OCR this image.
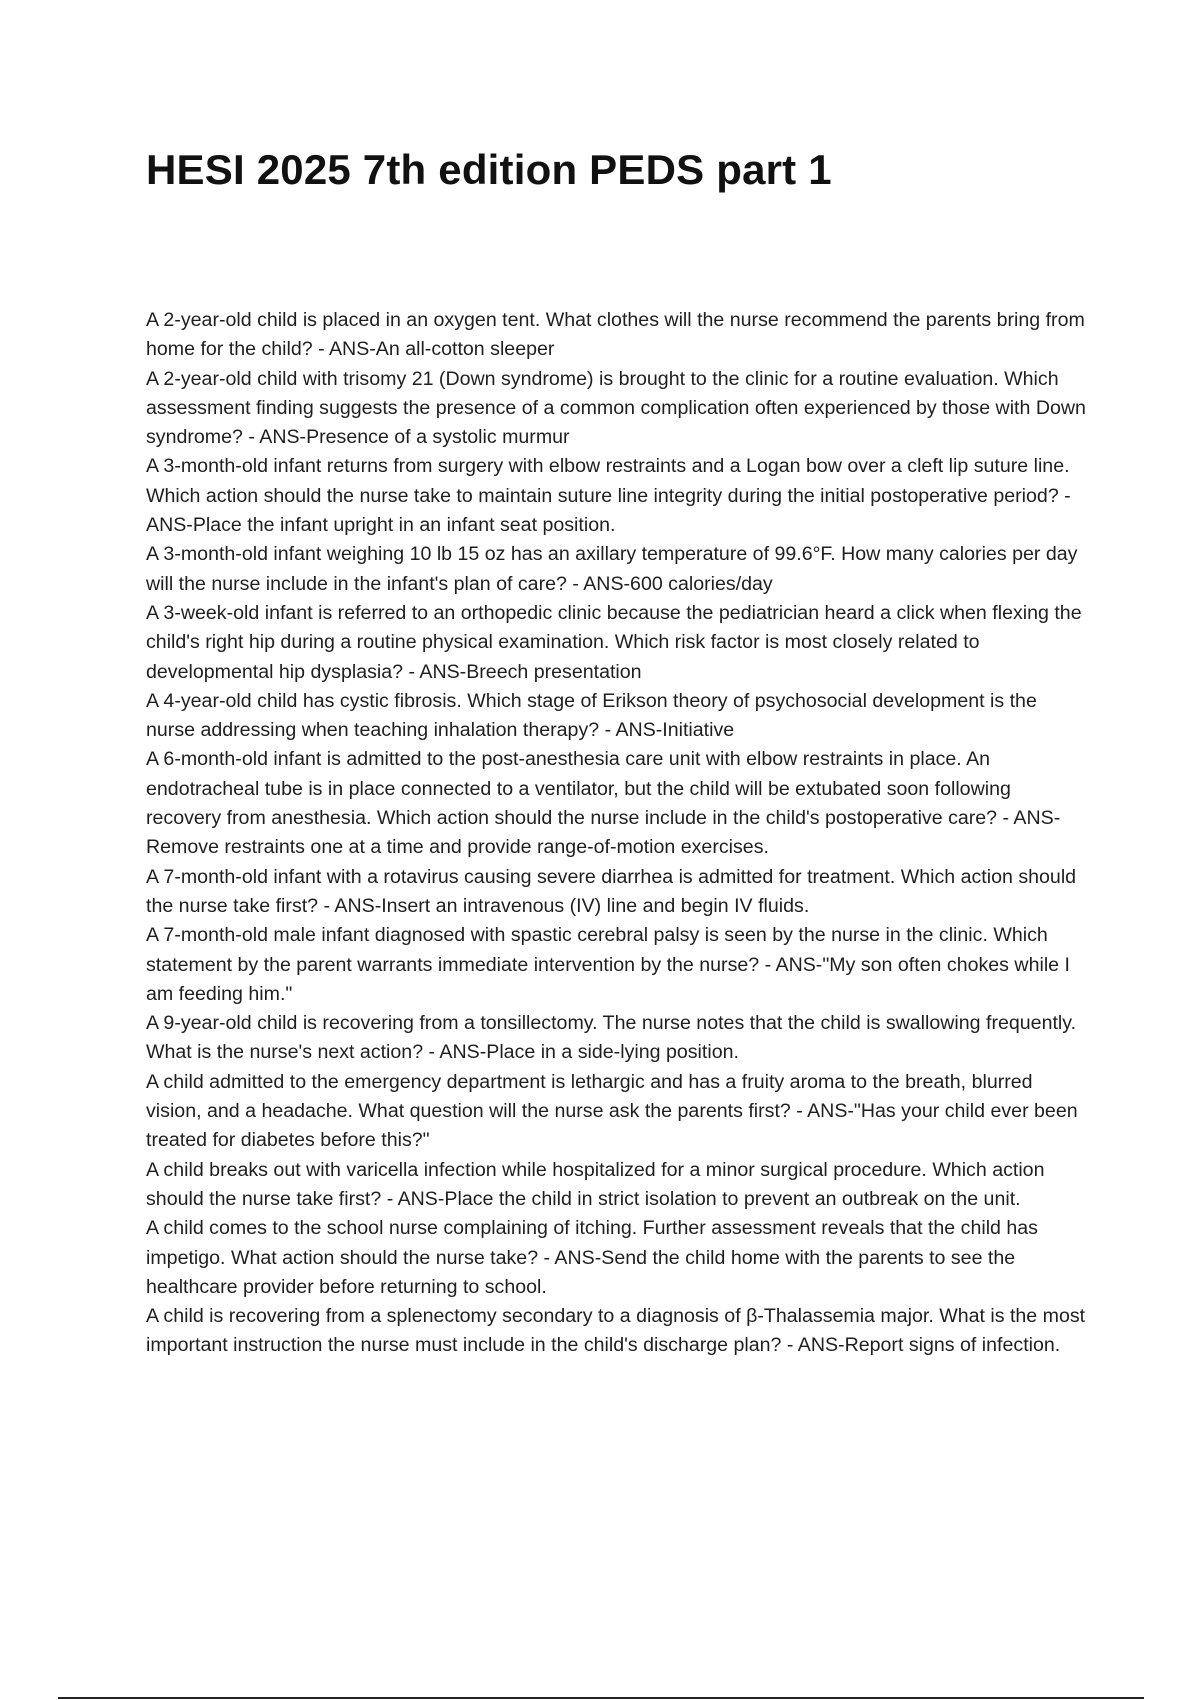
HESI 2025 7th edition PEDS part 1
A 2-year-old child is placed in an oxygen tent. What clothes will the nurse recommend the parents bring from home for the child? - ANS-An all-cotton sleeper
A 2-year-old child with trisomy 21 (Down syndrome) is brought to the clinic for a routine evaluation. Which assessment finding suggests the presence of a common complication often experienced by those with Down syndrome? - ANS-Presence of a systolic murmur
A 3-month-old infant returns from surgery with elbow restraints and a Logan bow over a cleft lip suture line. Which action should the nurse take to maintain suture line integrity during the initial postoperative period? - ANS-Place the infant upright in an infant seat position.
A 3-month-old infant weighing 10 lb 15 oz has an axillary temperature of 99.6°F. How many calories per day will the nurse include in the infant's plan of care? - ANS-600 calories/day
A 3-week-old infant is referred to an orthopedic clinic because the pediatrician heard a click when flexing the child's right hip during a routine physical examination. Which risk factor is most closely related to developmental hip dysplasia? - ANS-Breech presentation
A 4-year-old child has cystic fibrosis. Which stage of Erikson theory of psychosocial development is the nurse addressing when teaching inhalation therapy? - ANS-Initiative
A 6-month-old infant is admitted to the post-anesthesia care unit with elbow restraints in place. An endotracheal tube is in place connected to a ventilator, but the child will be extubated soon following recovery from anesthesia. Which action should the nurse include in the child's postoperative care? - ANS-Remove restraints one at a time and provide range-of-motion exercises.
A 7-month-old infant with a rotavirus causing severe diarrhea is admitted for treatment. Which action should the nurse take first? - ANS-Insert an intravenous (IV) line and begin IV fluids.
A 7-month-old male infant diagnosed with spastic cerebral palsy is seen by the nurse in the clinic. Which statement by the parent warrants immediate intervention by the nurse? - ANS-"My son often chokes while I am feeding him."
A 9-year-old child is recovering from a tonsillectomy. The nurse notes that the child is swallowing frequently. What is the nurse's next action? - ANS-Place in a side-lying position.
A child admitted to the emergency department is lethargic and has a fruity aroma to the breath, blurred vision, and a headache. What question will the nurse ask the parents first? - ANS-"Has your child ever been treated for diabetes before this?"
A child breaks out with varicella infection while hospitalized for a minor surgical procedure. Which action should the nurse take first? - ANS-Place the child in strict isolation to prevent an outbreak on the unit.
A child comes to the school nurse complaining of itching. Further assessment reveals that the child has impetigo. What action should the nurse take? - ANS-Send the child home with the parents to see the healthcare provider before returning to school.
A child is recovering from a splenectomy secondary to a diagnosis of β-Thalassemia major. What is the most important instruction the nurse must include in the child's discharge plan? - ANS-Report signs of infection.
